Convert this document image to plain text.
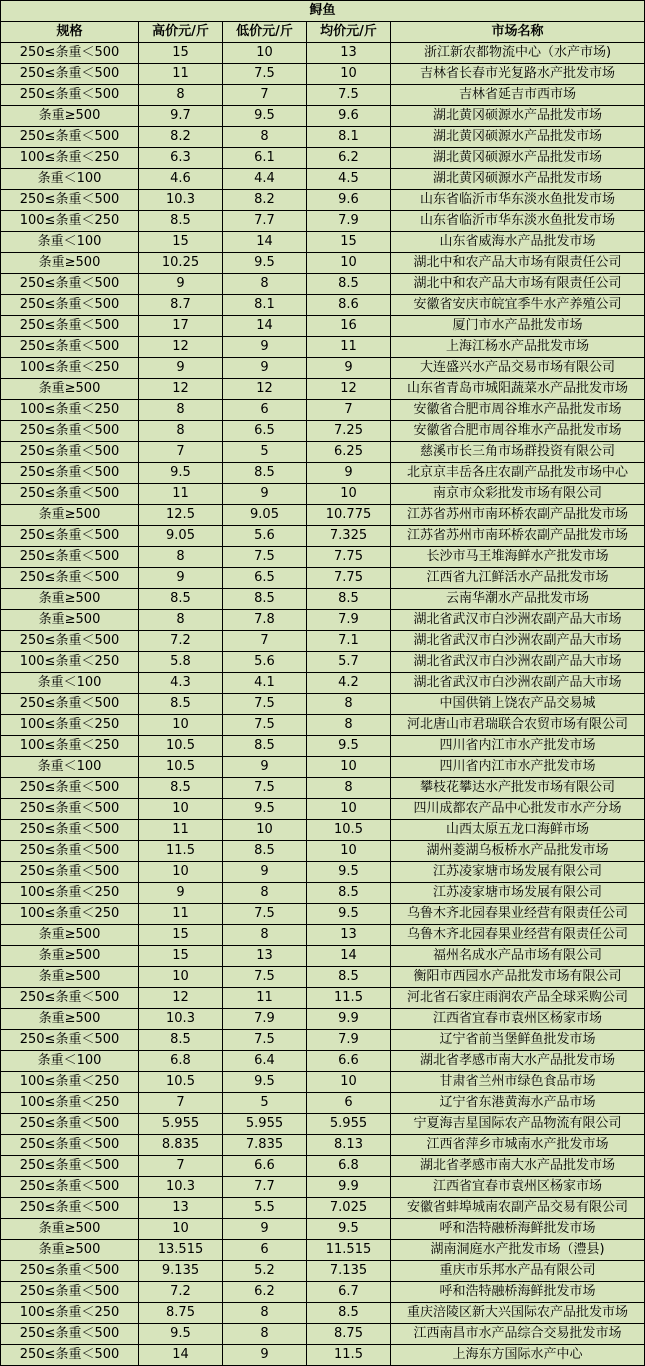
鲟鱼				
规格	高价元/斤	低价元/斤	均价元/斤	市场名称
250≤条重＜500	15	10	13	浙江新农都物流中心（水产市场)
250≤条重＜500	11	7.5	10	吉林省长春市光复路水产批发市场
250≤条重＜500	8	7	7.5	吉林省延吉市西市场
条重≥500	9.7	9.5	9.6	湖北黄冈硕源水产品批发市场
250≤条重＜500	8.2	8	8.1	湖北黄冈硕源水产品批发市场
100≤条重＜250	6.3	6.1	6.2	湖北黄冈硕源水产品批发市场
条重＜100	4.6	4.4	4.5	湖北黄冈硕源水产品批发市场
250≤条重＜500	10.3	8.2	9.6	山东省临沂市华东淡水鱼批发市场
100≤条重＜250	8.5	7.7	7.9	山东省临沂市华东淡水鱼批发市场
条重＜100	15	14	15	山东省威海水产品批发市场
条重≥500	10.25	9.5	10	湖北中和农产品大市场有限责任公司
250≤条重＜500	9	8	8.5	湖北中和农产品大市场有限责任公司
250≤条重＜500	8.7	8.1	8.6	安徽省安庆市皖宜季牛水产养殖公司
250≤条重＜500	17	14	16	厦门市水产品批发市场
250≤条重＜500	12	9	11	上海江杨水产品批发市场
100≤条重＜250	9	9	9	大连盛兴水产品交易市场有限公司
条重≥500	12	12	12	山东省青岛市城阳蔬菜水产品批发市场
100≤条重＜250	8	6	7	安徽省合肥市周谷堆水产品批发市场
250≤条重＜500	8	6.5	7.25	安徽省合肥市周谷堆水产品批发市场
250≤条重＜500	7	5	6.25	慈溪市长三角市场群投资有限公司
250≤条重＜500	9.5	8.5	9	北京京丰岳各庄农副产品批发市场中心
250≤条重＜500	11	9	10	南京市众彩批发市场有限公司
条重≥500	12.5	9.05	10.775	江苏省苏州市南环桥农副产品批发市场
250≤条重＜500	9.05	5.6	7.325	江苏省苏州市南环桥农副产品批发市场
250≤条重＜500	8	7.5	7.75	长沙市马王堆海鲜水产批发市场
250≤条重＜500	9	6.5	7.75	江西省九江鲜活水产品批发市场
条重≥500	8.5	8.5	8.5	云南华潮水产品批发市场
条重≥500	8	7.8	7.9	湖北省武汉市白沙洲农副产品大市场
250≤条重＜500	7.2	7	7.1	湖北省武汉市白沙洲农副产品大市场
100≤条重＜250	5.8	5.6	5.7	湖北省武汉市白沙洲农副产品大市场
条重＜100	4.3	4.1	4.2	湖北省武汉市白沙洲农副产品大市场
250≤条重＜500	8.5	7.5	8	中国供销上饶农产品交易城
100≤条重＜250	10	7.5	8	河北唐山市君瑞联合农贸市场有限公司
100≤条重＜250	10.5	8.5	9.5	四川省内江市水产批发市场
条重＜100	10.5	9	10	四川省内江市水产批发市场
250≤条重＜500	8.5	7.5	8	攀枝花攀达水产批发市场有限公司
250≤条重＜500	10	9.5	10	四川成都农产品中心批发市水产分场
250≤条重＜500	11	10	10.5	山西太原五龙口海鲜市场
250≤条重＜500	11.5	8.5	10	湖州菱湖乌板桥水产品批发市场
250≤条重＜500	10	9	9.5	江苏凌家塘市场发展有限公司
100≤条重＜250	9	8	8.5	江苏凌家塘市场发展有限公司
100≤条重＜250	11	7.5	9.5	乌鲁木齐北园春果业经营有限责任公司
条重≥500	15	8	13	乌鲁木齐北园春果业经营有限责任公司
条重≥500	15	13	14	福州名成水产品市场有限公司
条重≥500	10	7.5	8.5	衡阳市西园水产品批发市场有限公司
250≤条重＜500	12	11	11.5	河北省石家庄雨润农产品全球采购公司
条重≥500	10.3	7.9	9.9	江西省宜春市袁州区杨家市场
250≤条重＜500	8.5	7.5	7.9	辽宁省前当堡鲜鱼批发市场
条重＜100	6.8	6.4	6.6	湖北省孝感市南大水产品批发市场
100≤条重＜250	10.5	9.5	10	甘肃省兰州市绿色食品市场
100≤条重＜250	7	5	6	辽宁省东港黄海水产品市场
250≤条重＜500	5.955	5.955	5.955	宁夏海吉星国际农产品物流有限公司
250≤条重＜500	8.835	7.835	8.13	江西省萍乡市城南水产批发市场
250≤条重＜500	7	6.6	6.8	湖北省孝感市南大水产品批发市场
250≤条重＜500	10.3	7.7	9.9	江西省宜春市袁州区杨家市场
250≤条重＜500	13	5.5	7.025	安徽省蚌埠城南农副产品交易有限公司
条重≥500	10	9	9.5	呼和浩特融桥海鲜批发市场
条重≥500	13.515	6	11.515	湖南洞庭水产批发市场（澧县)
250≤条重＜500	9.135	5.2	7.135	重庆市乐邦水产品有限公司
250≤条重＜500	7.2	6.2	6.7	呼和浩特融桥海鲜批发市场
100≤条重＜250	8.75	8	8.5	重庆涪陵区新大兴国际农产品批发市场
250≤条重＜500	9.5	8	8.75	江西南昌市水产品综合交易批发市场
250≤条重＜500	14	9	11.5	上海东方国际水产中心
